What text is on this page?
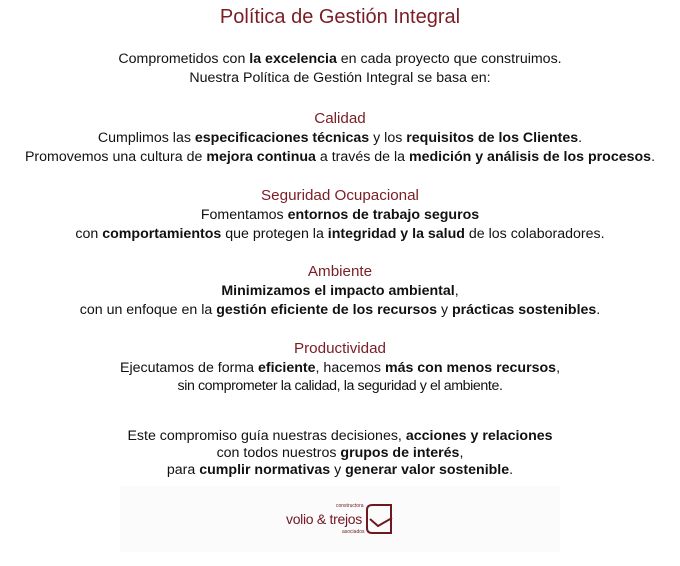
Política de Gestión Integral
Comprometidos con la excelencia en cada proyecto que construimos.
Nuestra Política de Gestión Integral se basa en:
Calidad
Cumplimos las especificaciones técnicas y los requisitos de los Clientes.
Promovemos una cultura de mejora continua a través de la medición y análisis de los procesos.
Seguridad Ocupacional
Fomentamos entornos de trabajo seguros
con comportamientos que protegen la integridad y la salud de los colaboradores.
Ambiente
Minimizamos el impacto ambiental,
con un enfoque en la gestión eficiente de los recursos y prácticas sostenibles.
Productividad
Ejecutamos de forma eficiente, hacemos más con menos recursos,
sin comprometer la calidad, la seguridad y el ambiente.
Este compromiso guía nuestras decisiones, acciones y relaciones
con todos nuestros grupos de interés,
para cumplir normativas y generar valor sostenible.
constructora
volio & trejos
asociados
